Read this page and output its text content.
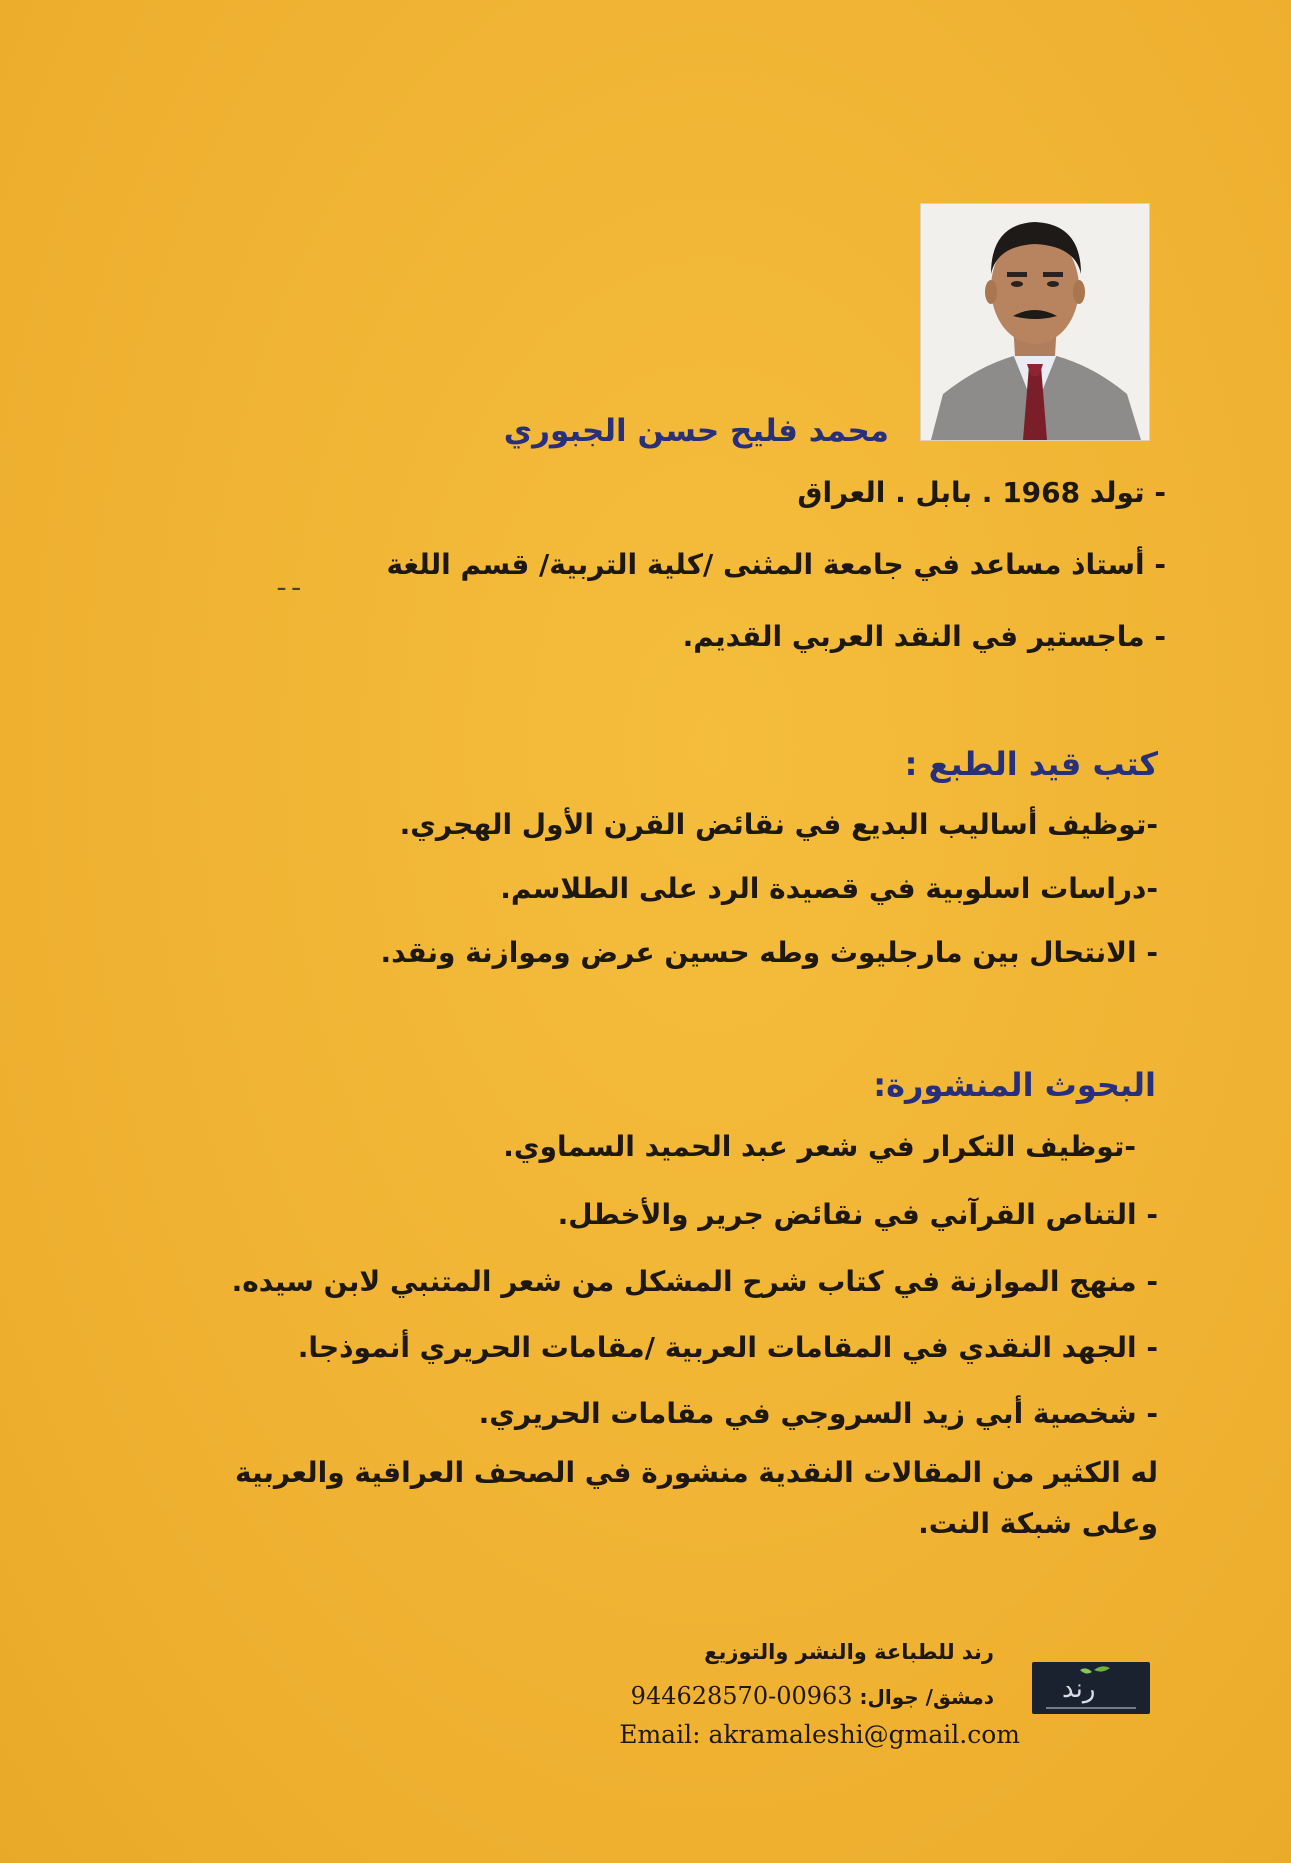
محمد فليح حسن الجبوري
- تولد 1968 . بابل . العراق
- أستاذ مساعد في جامعة المثنى /كلية التربية/ قسم اللغة
ـ ـ
- ماجستير في النقد العربي القديم.
كتب قيد الطبع :
-توظيف أساليب البديع في نقائض القرن الأول الهجري.
-دراسات اسلوبية في قصيدة الرد على الطلاسم.
- الانتحال بين مارجليوث وطه حسين عرض وموازنة ونقد.
البحوث المنشورة:
-توظيف التكرار في شعر عبد الحميد السماوي.
- التناص القرآني في نقائض جرير والأخطل.
- منهج الموازنة في كتاب شرح المشكل من شعر المتنبي لابن سيده.
- الجهد النقدي في المقامات العربية /مقامات الحريري أنموذجا.
- شخصية أبي زيد السروجي في مقامات الحريري.
له الكثير من المقالات النقدية منشورة في الصحف العراقية والعربية
وعلى شبكة النت.
رند للطباعة والنشر والتوزيع
دمشق/ جوال: 00963-944628570
Email: akramaleshi@gmail.com
رند
